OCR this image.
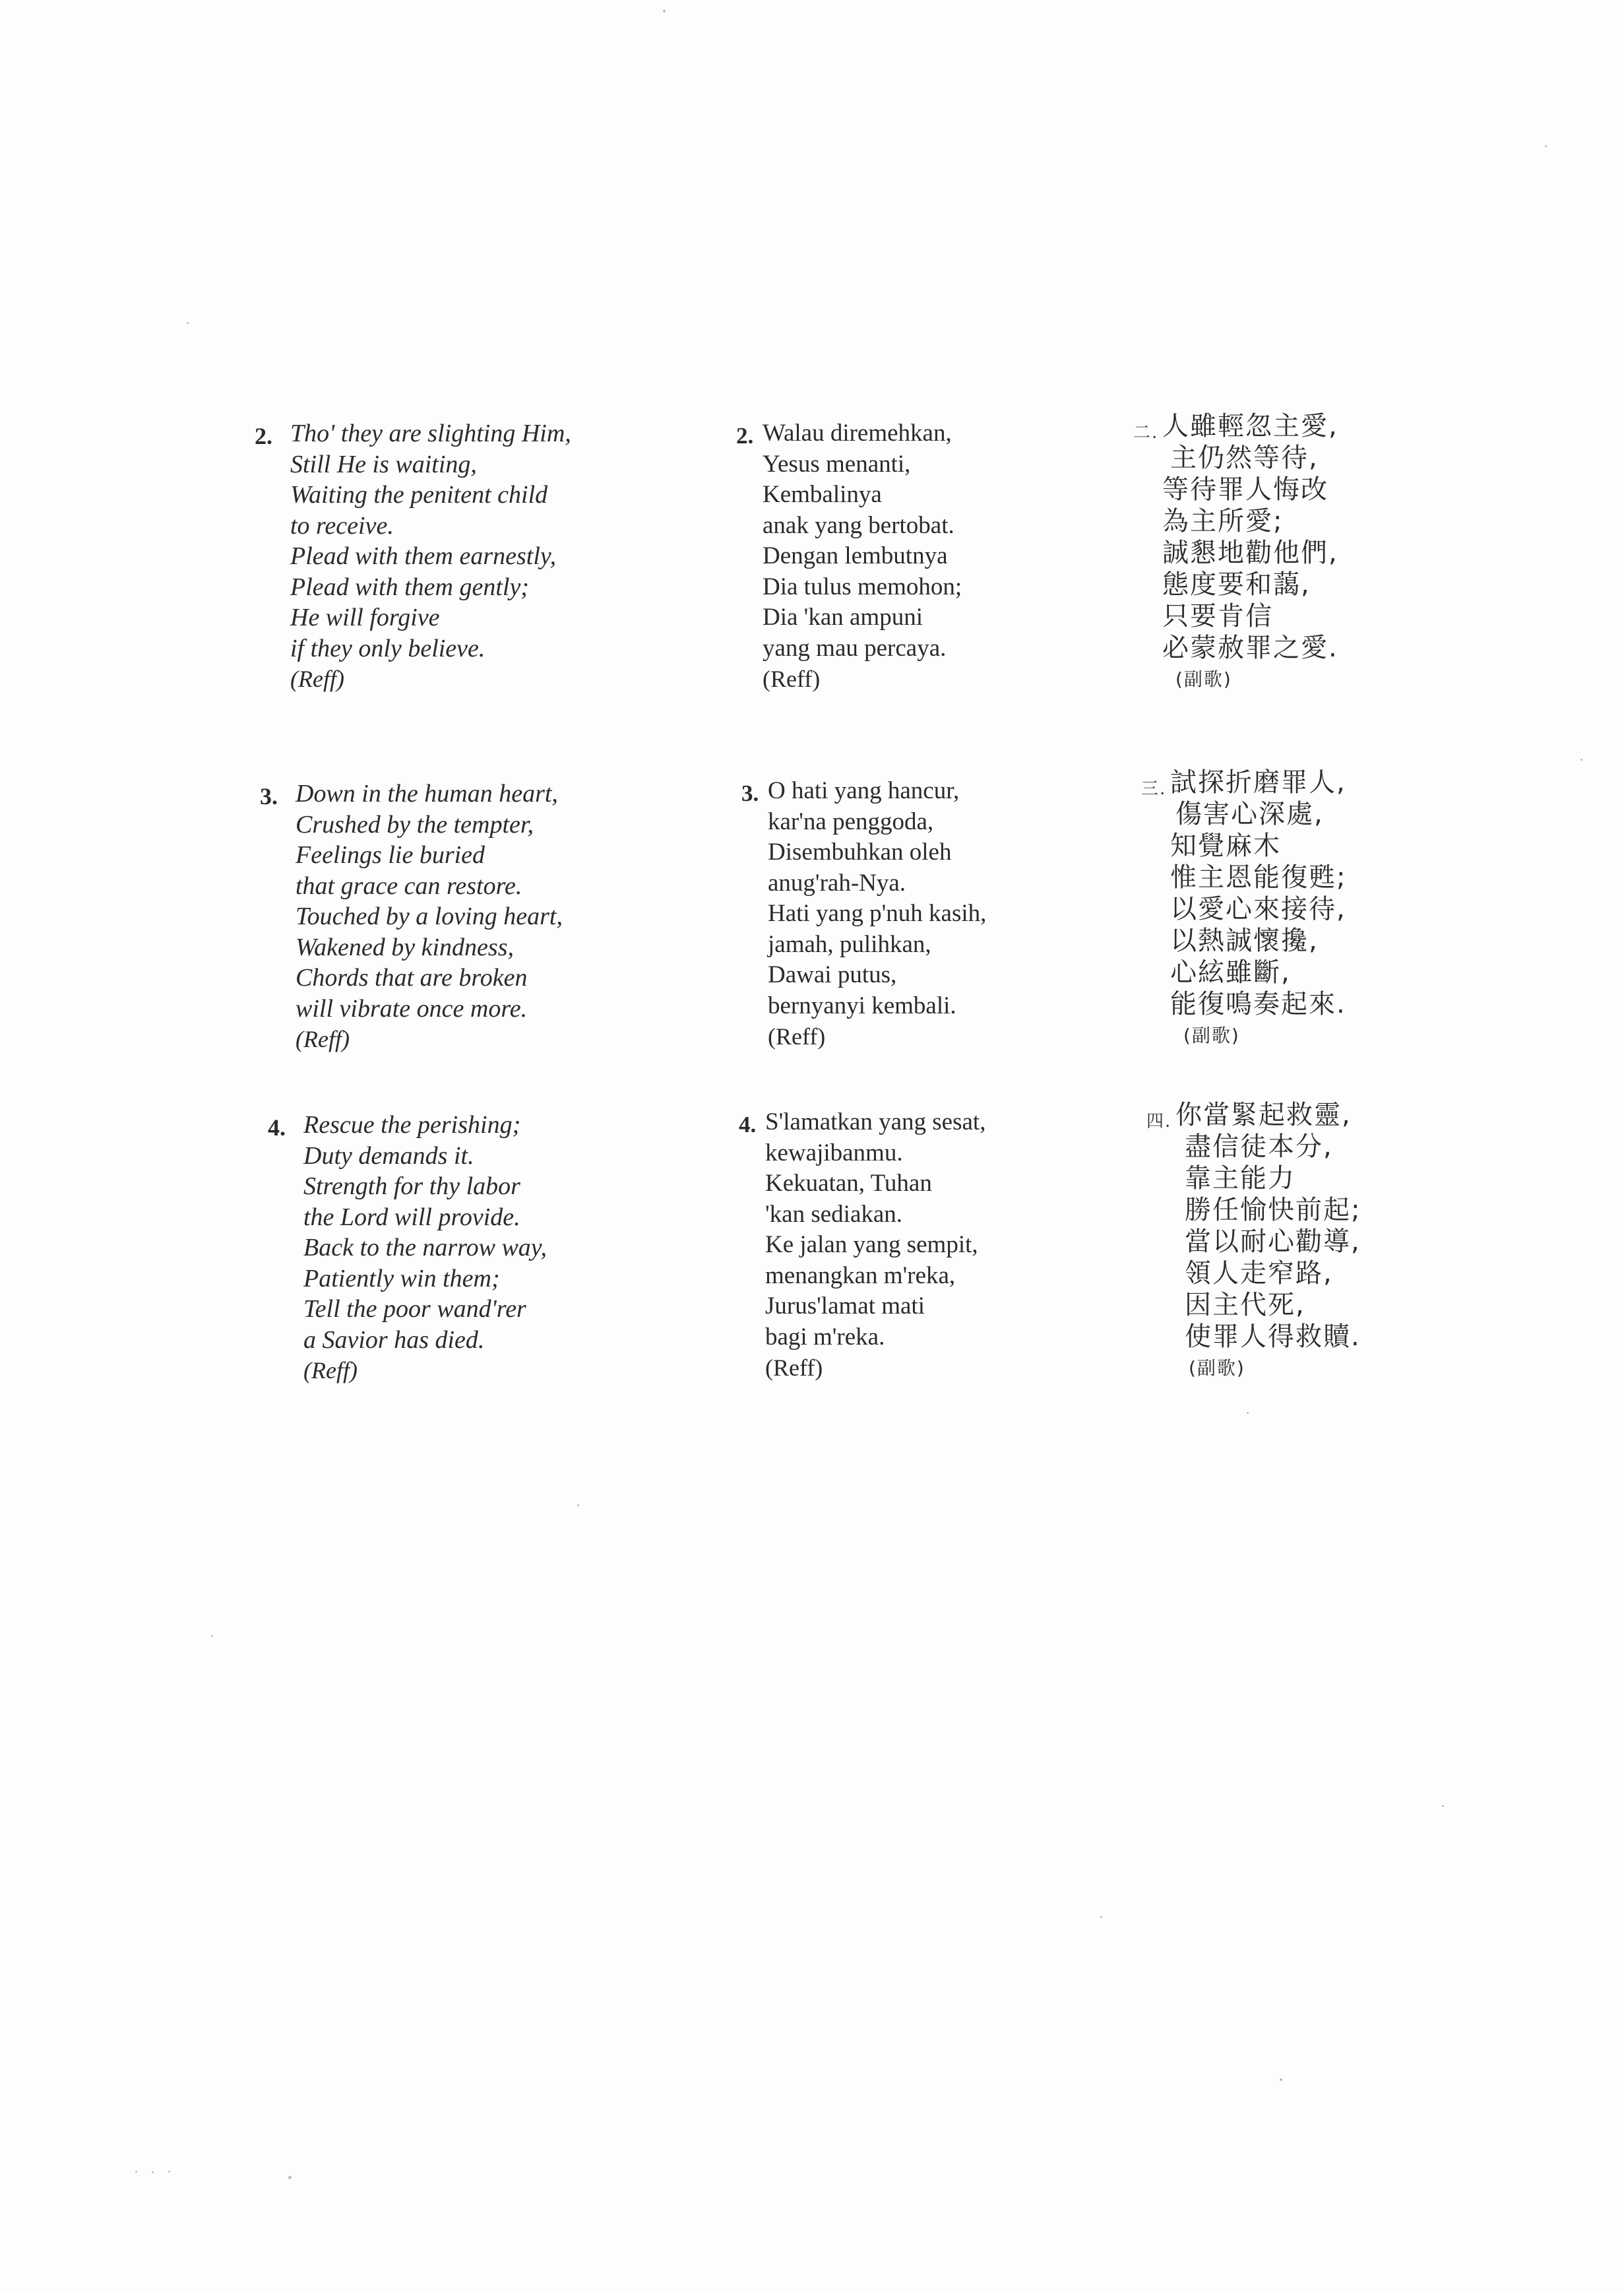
2. Tho' they are slighting Him,
Still He is waiting,
Waiting the penitent child
to receive.
Plead with them earnestly,
Plead with them gently;
He will forgive
if they only believe.
(Reff)
2. Walau diremehkan,
Yesus menanti,
Kembalinya
anak yang bertobat.
Dengan lembutnya
Dia tulus memohon;
Dia 'kan ampuni
yang mau percaya.
(Reff)
二. 人雖輕忽主愛,
主仍然等待,
等待罪人悔改
為主所愛;
誠懇地勸他們,
態度要和藹,
只要肯信
必蒙赦罪之愛.
(副歌)
3. Down in the human heart,
Crushed by the tempter,
Feelings lie buried
that grace can restore.
Touched by a loving heart,
Wakened by kindness,
Chords that are broken
will vibrate once more.
(Reff)
3. O hati yang hancur,
kar'na penggoda,
Disembuhkan oleh
anug'rah-Nya.
Hati yang p'nuh kasih,
jamah, pulihkan,
Dawai putus,
bernyanyi kembali.
(Reff)
三. 試探折磨罪人,
傷害心深處,
知覺麻木
惟主恩能復甦;
以愛心來接待,
以熱誠懷攙,
心絃雖斷,
能復鳴奏起來.
(副歌)
4. Rescue the perishing;
Duty demands it.
Strength for thy labor
the Lord will provide.
Back to the narrow way,
Patiently win them;
Tell the poor wand'rer
a Savior has died.
(Reff)
4. S'lamatkan yang sesat,
kewajibanmu.
Kekuatan, Tuhan
'kan sediakan.
Ke jalan yang sempit,
menangkan m'reka,
Jurus'lamat mati
bagi m'reka.
(Reff)
四. 你當緊起救靈,
盡信徒本分,
靠主能力
勝任愉快前起;
當以耐心勸導,
領人走窄路,
因主代死,
使罪人得救贖.
(副歌)
